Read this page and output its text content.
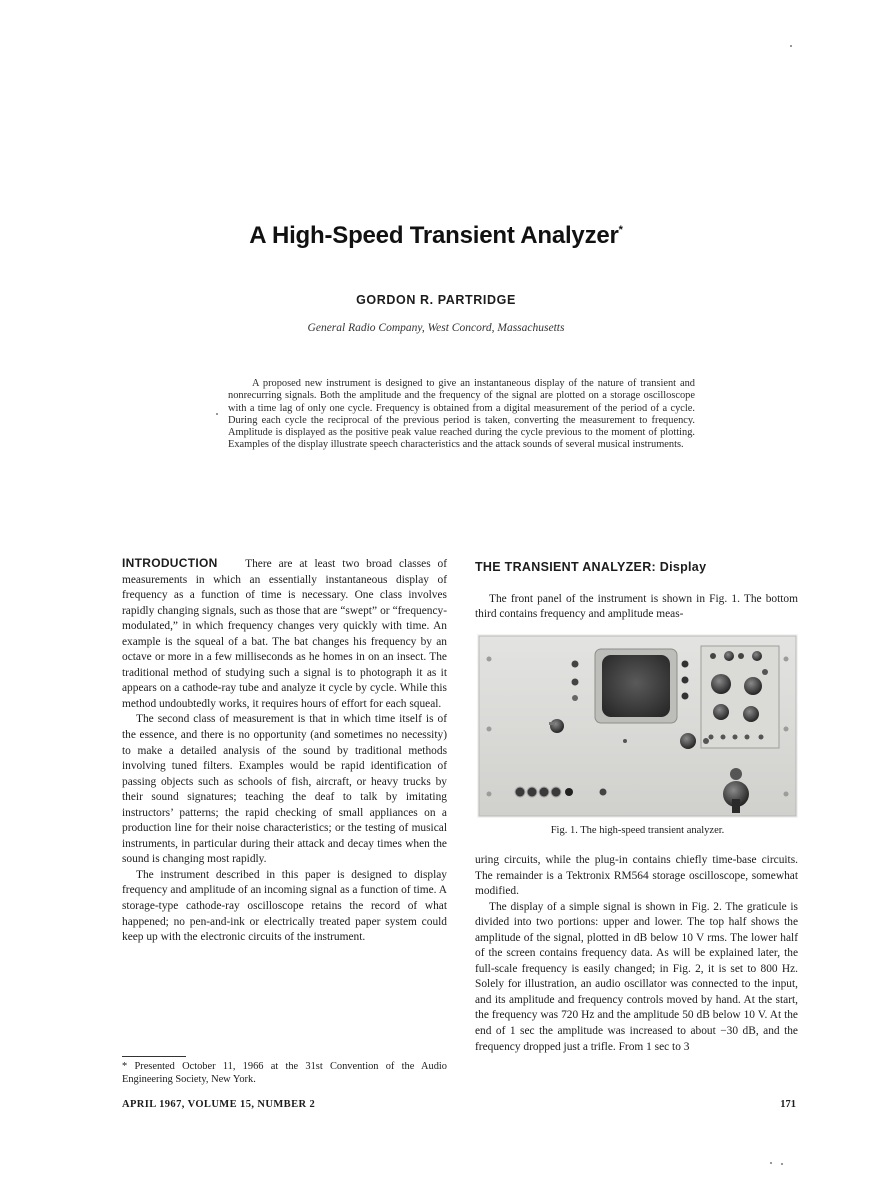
A High-Speed Transient Analyzer*
GORDON R. PARTRIDGE
General Radio Company, West Concord, Massachusetts
A proposed new instrument is designed to give an instantaneous display of the nature of transient and nonrecurring signals. Both the amplitude and the frequency of the signal are plotted on a storage oscilloscope with a time lag of only one cycle. Frequency is obtained from a digital measurement of the period of a cycle. During each cycle the reciprocal of the previous period is taken, converting the measurement to frequency. Amplitude is displayed as the positive peak value reached during the cycle previous to the moment of plotting. Examples of the display illustrate speech characteristics and the attack sounds of several musical instruments.

INTRODUCTION There are at least two broad classes of measurements in which an essentially instantaneous display of frequency as a function of time is necessary. One class involves rapidly changing signals, such as those that are “swept” or “frequency-modulated,” in which frequency changes very quickly with time. An example is the squeal of a bat. The bat changes his frequency by an octave or more in a few milliseconds as he homes in on an insect. The traditional method of studying such a signal is to photograph it as it appears on a cathode-ray tube and analyze it cycle by cycle. While this method undoubtedly works, it requires hours of effort for each squeal.

The second class of measurement is that in which time itself is of the essence, and there is no opportunity (and sometimes no necessity) to make a detailed analysis of the sound by traditional methods involving tuned filters. Examples would be rapid identification of passing objects such as schools of fish, aircraft, or heavy trucks by their sound signatures; teaching the deaf to talk by imitating instructors’ patterns; the rapid checking of small appliances on a production line for their noise characteristics; or the testing of musical instruments, in particular during their attack and decay times when the sound is changing most rapidly.

The instrument described in this paper is designed to display frequency and amplitude of an incoming signal as a function of time. A storage-type cathode-ray oscilloscope retains the record of what happened; no pen-and-ink or electrically treated paper system could keep up with the electronic circuits of the instrument.

THE TRANSIENT ANALYZER: Display

The front panel of the instrument is shown in Fig. 1. The bottom third contains frequency and amplitude meas-

Fig. 1. The high-speed transient analyzer.

uring circuits, while the plug-in contains chiefly time-base circuits. The remainder is a Tektronix RM564 storage oscilloscope, somewhat modified.

The display of a simple signal is shown in Fig. 2. The graticule is divided into two portions: upper and lower. The top half shows the amplitude of the signal, plotted in dB below 10 V rms. The lower half of the screen contains frequency data. As will be explained later, the full-scale frequency is easily changed; in Fig. 2, it is set to 800 Hz. Solely for illustration, an audio oscillator was connected to the input, and its amplitude and frequency controls moved by hand. At the start, the frequency was 720 Hz and the amplitude 50 dB below 10 V. At the end of 1 sec the amplitude was increased to about −30 dB, and the frequency dropped just a trifle. From 1 sec to 3

* Presented October 11, 1966 at the 31st Convention of the Audio Engineering Society, New York.
APRIL 1967, VOLUME 15, NUMBER 2	171
